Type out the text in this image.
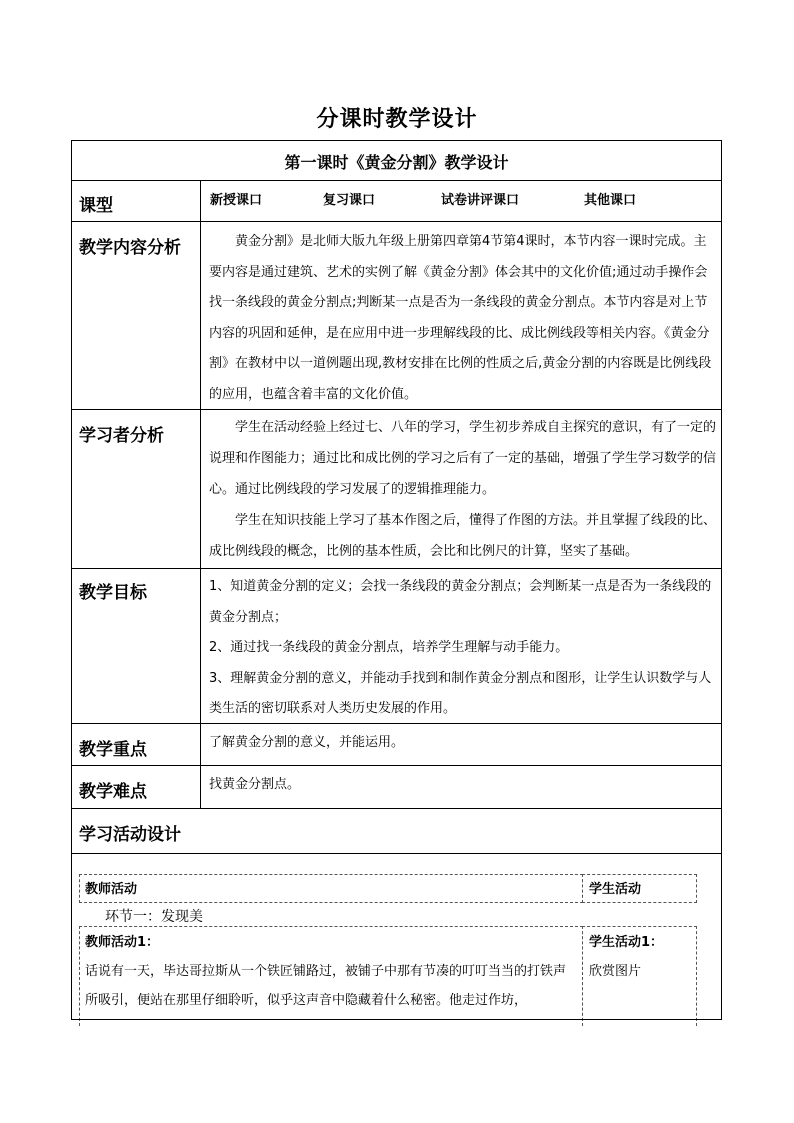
分课时教学设计
第一课时《黄金分割》教学设计
课型	新授课口	复习课口	试卷讲评课口	其他课口
教学内容分析	黄金分割》是北师大版九年级上册第四章第4节第4课时，本节内容一课时完成。主要内容是通过建筑、艺术的实例了解《黄金分割》体会其中的文化价值;通过动手操作会找一条线段的黄金分割点;判断某一点是否为一条线段的黄金分割点。本节内容是对上节内容的巩固和延伸，是在应用中进一步理解线段的比、成比例线段等相关内容。《黄金分割》在教材中以一道例题出现,教材安排在比例的性质之后,黄金分割的内容既是比例线段的应用，也蕴含着丰富的文化价值。

学习者分析	学生在活动经验上经过七、八年的学习，学生初步养成自主探究的意识，有了一定的说理和作图能力；通过比和成比例的学习之后有了一定的基础，增强了学生学习数学的信心。通过比例线段的学习发展了的逻辑推理能力。

学生在知识技能上学习了基本作图之后，懂得了作图的方法。并且掌握了线段的比、成比例线段的概念，比例的基本性质，会比和比例尺的计算，坚实了基础。

教学目标	1、知道黄金分割的定义；会找一条线段的黄金分割点；会判断某一点是否为一条线段的黄金分割点；

2、通过找一条线段的黄金分割点，培养学生理解与动手能力。

3、理解黄金分割的意义，并能动手找到和制作黄金分割点和图形，让学生认识数学与人类生活的密切联系对人类历史发展的作用。

教学重点	了解黄金分割的意义，并能运用。
教学难点	找黄金分割点。
学习活动设计
教师活动	学生活动
环节一：发现美
教师活动1：
话说有一天，毕达哥拉斯从一个铁匠铺路过，被铺子中那有节凑的叮叮当当的打铁声所吸引，便站在那里仔细聆听，似乎这声音中隐藏着什么秘密。他走过作坊，
学生活动1：
欣赏图片
